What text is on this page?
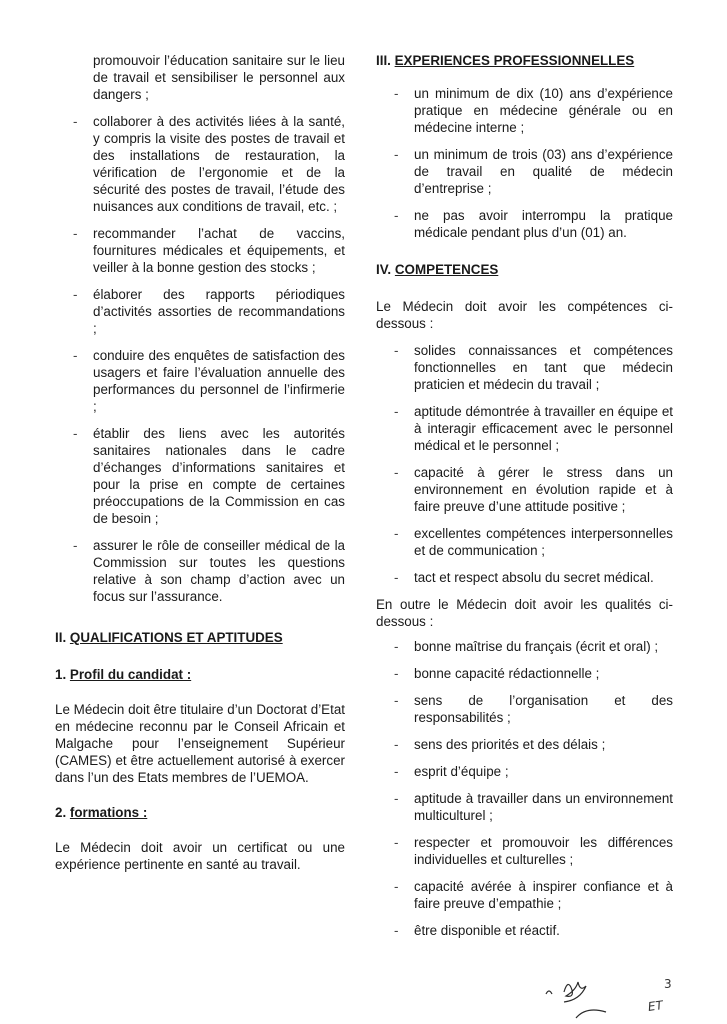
promouvoir l’éducation sanitaire sur le lieu de travail et sensibiliser le personnel aux dangers ;
- collaborer à des activités liées à la santé, y compris la visite des postes de travail et des installations de restauration, la vérification de l’ergonomie et de la sécurité des postes de travail, l’étude des nuisances aux conditions de travail, etc. ;
- recommander l’achat de vaccins, fournitures médicales et équipements, et veiller à la bonne gestion des stocks ;
- élaborer des rapports périodiques d’activités assorties de recommandations ;
- conduire des enquêtes de satisfaction des usagers et faire l’évaluation annuelle des performances du personnel de l’infirmerie ;
- établir des liens avec les autorités sanitaires nationales dans le cadre d’échanges d’informations sanitaires et pour la prise en compte de certaines préoccupations de la Commission en cas de besoin ;
- assurer le rôle de conseiller médical de la Commission sur toutes les questions relative à son champ d’action avec un focus sur l’assurance.

II. QUALIFICATIONS ET APTITUDES

1. Profil du candidat :

Le Médecin doit être titulaire d’un Doctorat d’Etat en médecine reconnu par le Conseil Africain et Malgache pour l’enseignement Supérieur (CAMES) et être actuellement autorisé à exercer dans l’un des Etats membres de l’UEMOA.

2. formations :

Le Médecin doit avoir un certificat ou une expérience pertinente en santé au travail.

III. EXPERIENCES PROFESSIONNELLES

- un minimum de dix (10) ans d’expérience pratique en médecine générale ou en médecine interne ;
- un minimum de trois (03) ans d’expérience de travail en qualité de médecin d’entreprise ;
- ne pas avoir interrompu la pratique médicale pendant plus d’un (01) an.

IV. COMPETENCES

Le Médecin doit avoir les compétences ci-dessous :

- solides connaissances et compétences fonctionnelles en tant que médecin praticien et médecin du travail ;
- aptitude démontrée à travailler en équipe et à interagir efficacement avec le personnel médical et le personnel ;
- capacité à gérer le stress dans un environnement en évolution rapide et à faire preuve d’une attitude positive ;
- excellentes compétences interpersonnelles et de communication ;
- tact et respect absolu du secret médical.

En outre le Médecin doit avoir les qualités ci-dessous :

- bonne maîtrise du français (écrit et oral) ;
- bonne capacité rédactionnelle ;
- sens de l’organisation et des responsabilités ;
- sens des priorités et des délais ;
- esprit d’équipe ;
- aptitude à travailler dans un environnement multiculturel ;
- respecter et promouvoir les différences individuelles et culturelles ;
- capacité avérée à inspirer confiance et à faire preuve d’empathie ;
- être disponible et réactif.
3
ET
